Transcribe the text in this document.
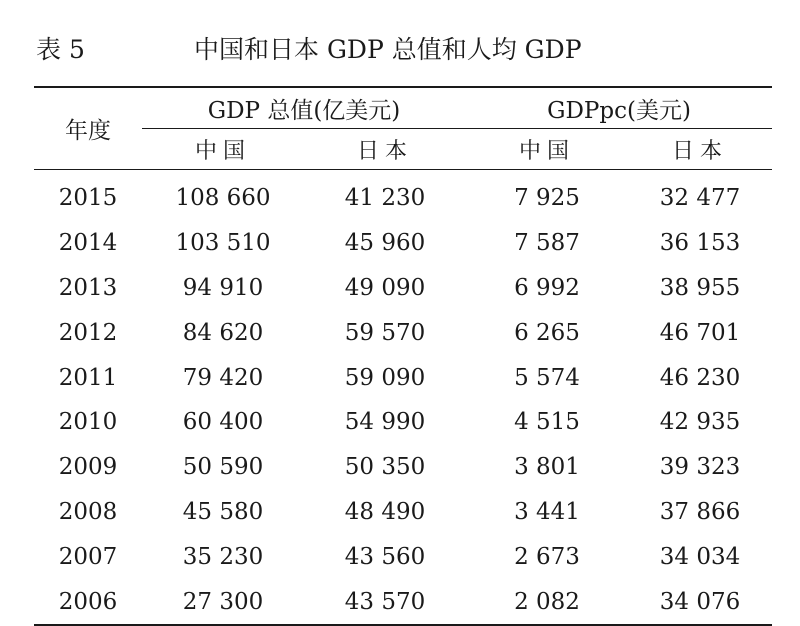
表 5	中国和日本 GDP 总值和人均 GDP
年度	GDP 总值(亿美元)		GDPpc(美元)	
	中国	日本	中国	日本
2015	108 660	41 230	7 925	32 477
2014	103 510	45 960	7 587	36 153
2013	94 910	49 090	6 992	38 955
2012	84 620	59 570	6 265	46 701
2011	79 420	59 090	5 574	46 230
2010	60 400	54 990	4 515	42 935
2009	50 590	50 350	3 801	39 323
2008	45 580	48 490	3 441	37 866
2007	35 230	43 560	2 673	34 034
2006	27 300	43 570	2 082	34 076
